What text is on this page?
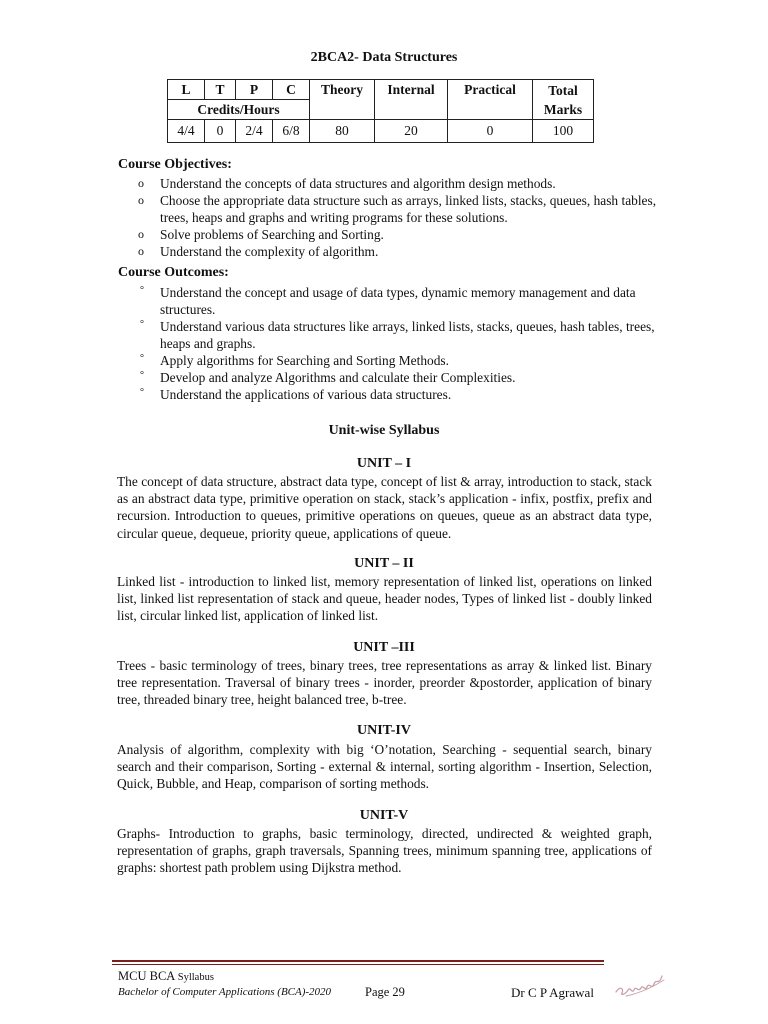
2BCA2- Data Structures
L	T	P	C	Theory	Internal	Practical	Total
Marks
Credits/Hours							
4/4	0	2/4	6/8	80	20	0	100
Course Objectives:
o Understand the concepts of data structures and algorithm design methods.
o Choose the appropriate data structure such as arrays, linked lists, stacks, queues, hash tables, trees, heaps and graphs and writing programs for these solutions.
o Solve problems of Searching and Sorting.
o Understand the complexity of algorithm.
Course Outcomes:
° Understand the concept and usage of data types, dynamic memory management and data structures.
° Understand various data structures like arrays, linked lists, stacks, queues, hash tables, trees, heaps and graphs.
° Apply algorithms for Searching and Sorting Methods.
° Develop and analyze Algorithms and calculate their Complexities.
° Understand the applications of various data structures.
Unit-wise Syllabus
UNIT – I
The concept of data structure, abstract data type, concept of list & array, introduction to stack, stack as an abstract data type, primitive operation on stack, stack’s application - infix, postfix, prefix and recursion. Introduction to queues, primitive operations on queues, queue as an abstract data type, circular queue, dequeue, priority queue, applications of queue.
UNIT – II
Linked list - introduction to linked list, memory representation of linked list, operations on linked list, linked list representation of stack and queue, header nodes, Types of linked list - doubly linked list, circular linked list, application of linked list.
UNIT –III
Trees - basic terminology of trees, binary trees, tree representations as array & linked list. Binary tree representation. Traversal of binary trees - inorder, preorder &postorder, application of binary tree, threaded binary tree, height balanced tree, b-tree.
UNIT-IV
Analysis of algorithm, complexity with big ‘O’notation, Searching - sequential search, binary search and their comparison, Sorting - external & internal, sorting algorithm - Insertion, Selection, Quick, Bubble, and Heap, comparison of sorting methods.
UNIT-V
Graphs- Introduction to graphs, basic terminology, directed, undirected & weighted graph, representation of graphs, graph traversals, Spanning trees, minimum spanning tree, applications of graphs: shortest path problem using Dijkstra method.
MCU BCA Syllabus
Bachelor of Computer Applications (BCA)-2020	Page 29	Dr C P Agrawal
